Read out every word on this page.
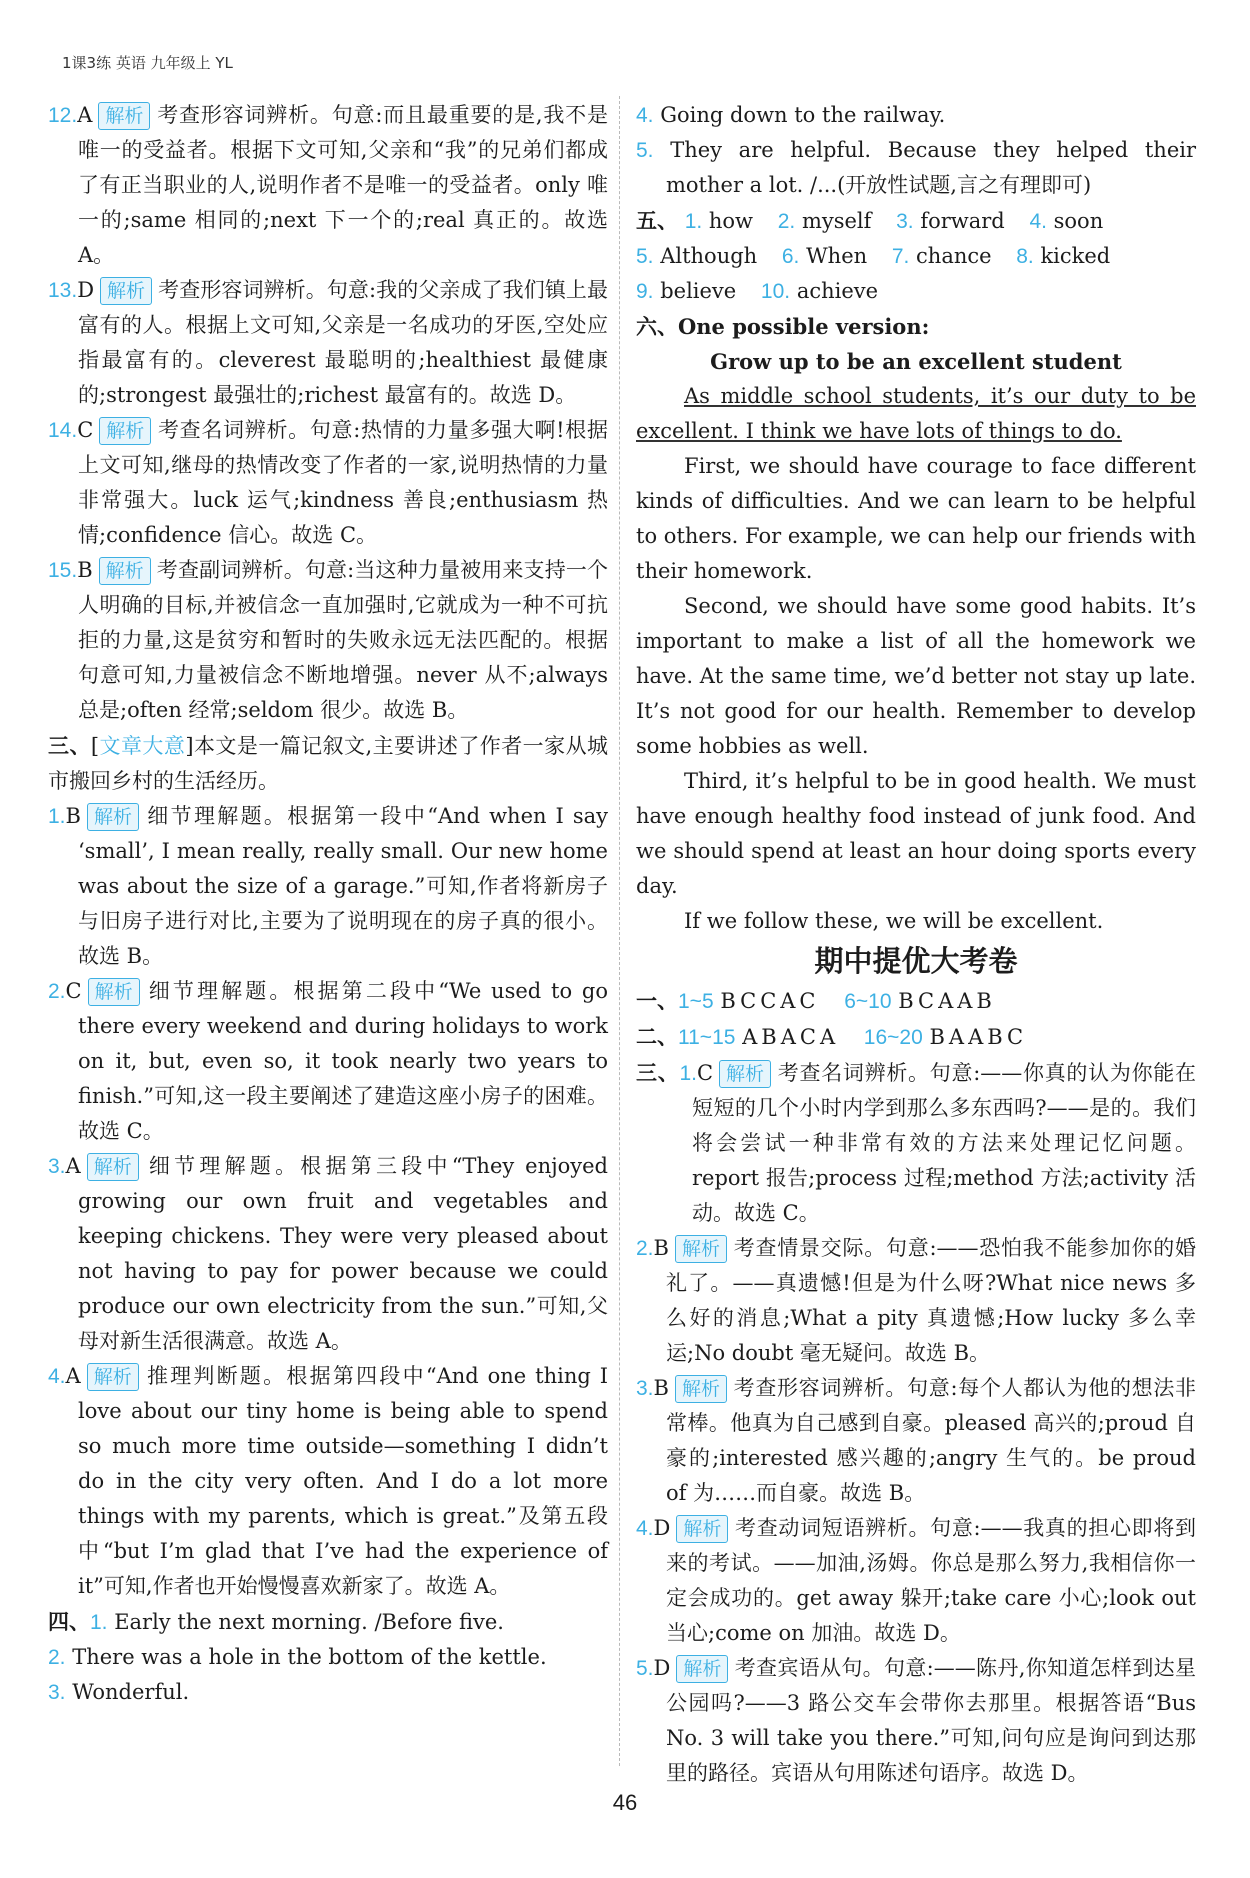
1课3练 英语 九年级上 YL

12.A 解析 考查形容词辨析。句意:而且最重要的是,我不是唯一的受益者。根据下文可知,父亲和“我”的兄弟们都成了有正当职业的人,说明作者不是唯一的受益者。only 唯一的;same 相同的;next 下一个的;real 真正的。故选 A。

13.D 解析 考查形容词辨析。句意:我的父亲成了我们镇上最富有的人。根据上文可知,父亲是一名成功的牙医,空处应指最富有的。cleverest 最聪明的;healthiest 最健康的;strongest 最强壮的;richest 最富有的。故选 D。

14.C 解析 考查名词辨析。句意:热情的力量多强大啊!根据上文可知,继母的热情改变了作者的一家,说明热情的力量非常强大。luck 运气;kindness 善良;enthusiasm 热情;confidence 信心。故选 C。

15.B 解析 考查副词辨析。句意:当这种力量被用来支持一个人明确的目标,并被信念一直加强时,它就成为一种不可抗拒的力量,这是贫穷和暂时的失败永远无法匹配的。根据句意可知,力量被信念不断地增强。never 从不;always 总是;often 经常;seldom 很少。故选 B。

三、[文章大意]本文是一篇记叙文,主要讲述了作者一家从城市搬回乡村的生活经历。

1.B 解析 细节理解题。根据第一段中“And when I say ‘small’, I mean really, really small. Our new home was about the size of a garage.”可知,作者将新房子与旧房子进行对比,主要为了说明现在的房子真的很小。故选 B。

2.C 解析 细节理解题。根据第二段中“We used to go there every weekend and during holidays to work on it, but, even so, it took nearly two years to finish.”可知,这一段主要阐述了建造这座小房子的困难。故选 C。

3.A 解析 细节理解题。根据第三段中“They enjoyed growing our own fruit and vegetables and keeping chickens. They were very pleased about not having to pay for power because we could produce our own electricity from the sun.”可知,父母对新生活很满意。故选 A。

4.A 解析 推理判断题。根据第四段中“And one thing I love about our tiny home is being able to spend so much more time outside—something I didn’t do in the city very often. And I do a lot more things with my parents, which is great.”及第五段中“but I’m glad that I’ve had the experience of it”可知,作者也开始慢慢喜欢新家了。故选 A。

四、1. Early the next morning. /Before five.

2. There was a hole in the bottom of the kettle.

3. Wonderful.

4. Going down to the railway.

5. They are helpful. Because they helped their mother a lot. /...(开放性试题,言之有理即可)

五、 1. how 2. myself 3. forward 4. soon

5. Although 6. When 7. chance 8. kicked

9. believe 10. achieve

六、One possible version:

Grow up to be an excellent student

As middle school students, it’s our duty to be excellent. I think we have lots of things to do.

First, we should have courage to face different kinds of difficulties. And we can learn to be helpful to others. For example, we can help our friends with their homework.

Second, we should have some good habits. It’s important to make a list of all the homework we have. At the same time, we’d better not stay up late. It’s not good for our health. Remember to develop some hobbies as well.

Third, it’s helpful to be in good health. We must have enough healthy food instead of junk food. And we should spend at least an hour doing sports every day.

If we follow these, we will be excellent.

期中提优大考卷

一、1~5 BCCAC 6~10 BCAAB

二、11~15 ABACA 16~20 BAABC

三、1.C 解析 考查名词辨析。句意:——你真的认为你能在短短的几个小时内学到那么多东西吗?——是的。我们将会尝试一种非常有效的方法来处理记忆问题。report 报告;process 过程;method 方法;activity 活动。故选 C。

2.B 解析 考查情景交际。句意:——恐怕我不能参加你的婚礼了。——真遗憾!但是为什么呀?What nice news 多么好的消息;What a pity 真遗憾;How lucky 多么幸运;No doubt 毫无疑问。故选 B。

3.B 解析 考查形容词辨析。句意:每个人都认为他的想法非常棒。他真为自己感到自豪。pleased 高兴的;proud 自豪的;interested 感兴趣的;angry 生气的。be proud of 为……而自豪。故选 B。

4.D 解析 考查动词短语辨析。句意:——我真的担心即将到来的考试。——加油,汤姆。你总是那么努力,我相信你一定会成功的。get away 躲开;take care 小心;look out 当心;come on 加油。故选 D。

5.D 解析 考查宾语从句。句意:——陈丹,你知道怎样到达星公园吗?——3 路公交车会带你去那里。根据答语“Bus No. 3 will take you there.”可知,问句应是询问到达那里的路径。宾语从句用陈述句语序。故选 D。

46
